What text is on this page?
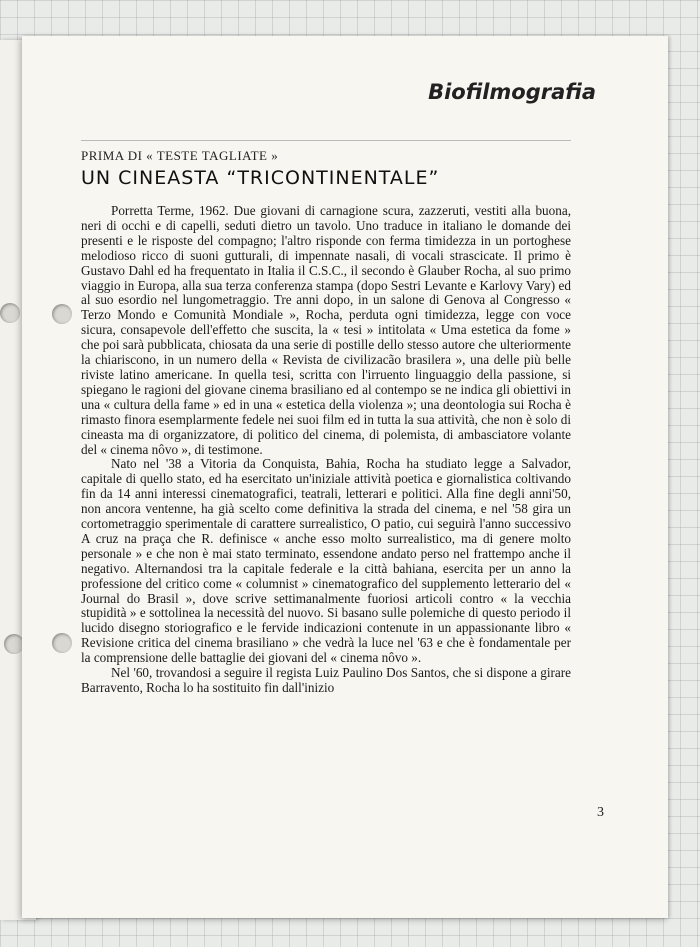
Biofilmografia
PRIMA DI « TESTE TAGLIATE »
UN CINEASTA “TRICONTINENTALE”

Porretta Terme, 1962. Due giovani di carnagione scura, zazzeruti, vestiti alla buona, neri di occhi e di capelli, seduti dietro un tavolo. Uno traduce in italiano le domande dei presenti e le risposte del compagno; l'altro risponde con ferma timidezza in un portoghese melodioso ricco di suoni gutturali, di impennate nasali, di vocali strascicate. Il primo è Gustavo Dahl ed ha frequentato in Italia il C.S.C., il secondo è Glauber Rocha, al suo primo viaggio in Europa, alla sua terza conferenza stampa (dopo Sestri Levante e Karlovy Vary) ed al suo esordio nel lungometraggio. Tre anni dopo, in un salone di Genova al Congresso « Terzo Mondo e Comunità Mondiale », Rocha, perduta ogni timidezza, legge con voce sicura, consapevole dell'effetto che suscita, la « tesi » intitolata « Uma estetica da fome » che poi sarà pubblicata, chiosata da una serie di postille dello stesso autore che ulteriormente la chiariscono, in un numero della « Revista de civilizacão brasilera », una delle più belle riviste latino americane. In quella tesi, scritta con l'irruento linguaggio della passione, si spiegano le ragioni del giovane cinema brasiliano ed al contempo se ne indica gli obiettivi in una « cultura della fame » ed in una « estetica della violenza »; una deontologia sui Rocha è rimasto finora esemplarmente fedele nei suoi film ed in tutta la sua attività, che non è solo di cineasta ma di organizzatore, di politico del cinema, di polemista, di ambasciatore volante del « cinema nôvo », di testimone.

Nato nel '38 a Vitoria da Conquista, Bahia, Rocha ha studiato legge a Salvador, capitale di quello stato, ed ha esercitato un'iniziale attività poetica e giornalistica coltivando fin da 14 anni interessi cinematografici, teatrali, letterari e politici. Alla fine degli anni'50, non ancora ventenne, ha già scelto come definitiva la strada del cinema, e nel '58 gira un cortometraggio sperimentale di carattere surrealistico, O patio, cui seguirà l'anno successivo A cruz na praça che R. definisce « anche esso molto surrealistico, ma di genere molto personale » e che non è mai stato terminato, essendone andato perso nel frattempo anche il negativo. Alternandosi tra la capitale federale e la città bahiana, esercita per un anno la professione del critico come « columnist » cinematografico del supplemento letterario del « Journal do Brasil », dove scrive settimanalmente fuoriosi articoli contro « la vecchia stupidità » e sottolinea la necessità del nuovo. Si basano sulle polemiche di questo periodo il lucido disegno storiografico e le fervide indicazioni contenute in un appassionante libro « Revisione critica del cinema brasiliano » che vedrà la luce nel '63 e che è fondamentale per la comprensione delle battaglie dei giovani del « cinema nôvo ».

Nel '60, trovandosi a seguire il regista Luiz Paulino Dos Santos, che si dispone a girare Barravento, Rocha lo ha sostituito fin dall'inizio

3
